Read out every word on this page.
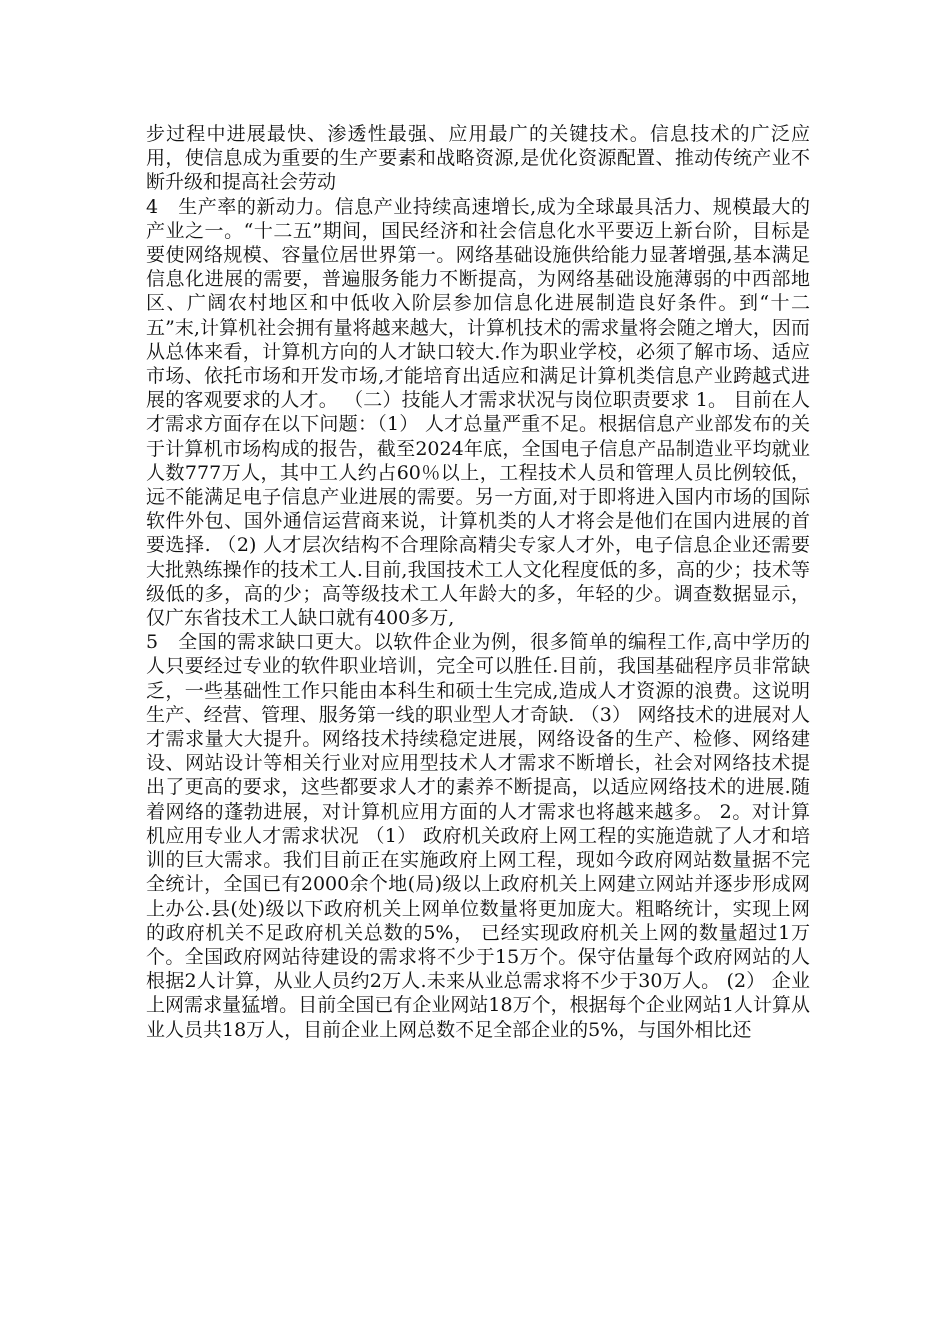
步过程中进展最快、渗透性最强、应用最广的关键技术。信息技术的广泛应用，使信息成为重要的生产要素和战略资源,是优化资源配置、推动传统产业不断升级和提高社会劳动

4　生产率的新动力。信息产业持续高速增长,成为全球最具活力、规模最大的产业之一。“十二五”期间，国民经济和社会信息化水平要迈上新台阶，目标是要使网络规模、容量位居世界第一。网络基础设施供给能力显著增强,基本满足信息化进展的需要，普遍服务能力不断提高，为网络基础设施薄弱的中西部地区、广阔农村地区和中低收入阶层参加信息化进展制造良好条件。到“十二五”末,计算机社会拥有量将越来越大，计算机技术的需求量将会随之增大，因而从总体来看，计算机方向的人才缺口较大.作为职业学校，必须了解市场、适应市场、依托市场和开发市场,才能培育出适应和满足计算机类信息产业跨越式进展的客观要求的人才。 （二）技能人才需求状况与岗位职责要求 1。 目前在人才需求方面存在以下问题：（1） 人才总量严重不足。根据信息产业部发布的关于计算机市场构成的报告，截至2024年底，全国电子信息产品制造业平均就业人数777万人，其中工人约占60％以上，工程技术人员和管理人员比例较低，远不能满足电子信息产业进展的需要。另一方面,对于即将进入国内市场的国际软件外包、国外通信运营商来说，计算机类的人才将会是他们在国内进展的首要选择. （2) 人才层次结构不合理除高精尖专家人才外，电子信息企业还需要大批熟练操作的技术工人.目前,我国技术工人文化程度低的多，高的少；技术等级低的多，高的少；高等级技术工人年龄大的多，年轻的少。调查数据显示，仅广东省技术工人缺口就有400多万,

5　全国的需求缺口更大。以软件企业为例，很多简单的编程工作,高中学历的人只要经过专业的软件职业培训，完全可以胜任.目前，我国基础程序员非常缺乏，一些基础性工作只能由本科生和硕士生完成,造成人才资源的浪费。这说明生产、经营、管理、服务第一线的职业型人才奇缺. （3） 网络技术的进展对人才需求量大大提升。网络技术持续稳定进展，网络设备的生产、检修、网络建设、网站设计等相关行业对应用型技术人才需求不断增长，社会对网络技术提出了更高的要求，这些都要求人才的素养不断提高，以适应网络技术的进展.随着网络的蓬勃进展，对计算机应用方面的人才需求也将越来越多。 2。对计算机应用专业人才需求状况 （1） 政府机关政府上网工程的实施造就了人才和培训的巨大需求。我们目前正在实施政府上网工程，现如今政府网站数量据不完全统计，全国已有2000余个地(局)级以上政府机关上网建立网站并逐步形成网上办公.县(处)级以下政府机关上网单位数量将更加庞大。粗略统计，实现上网的政府机关不足政府机关总数的5%， 已经实现政府机关上网的数量超过1万个。全国政府网站待建设的需求将不少于15万个。保守估量每个政府网站的人根据2人计算，从业人员约2万人.未来从业总需求将不少于30万人。 (2） 企业上网需求量猛增。目前全国已有企业网站18万个，根据每个企业网站1人计算从业人员共18万人，目前企业上网总数不足全部企业的5%，与国外相比还
